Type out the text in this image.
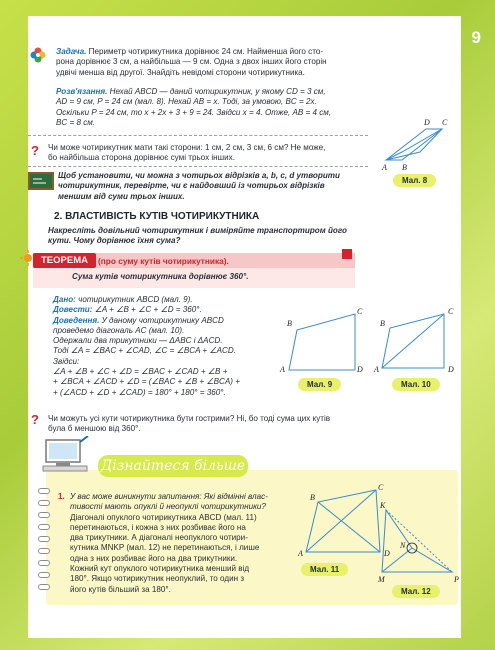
9
Задача. Периметр чотирикутника дорівнює 24 см. Найменша його сто-
рона дорівнює 3 см, а найбільша — 9 см. Одна з двох інших його сторін
удвічі менша від другої. Знайдіть невідомі сторони чотирикутника.
Розв'язання. Нехай ABCD — даний чотирикутник, у якому CD = 3 см,
AD = 9 см, P = 24 см (мал. 8). Нехай AB = x. Тоді, за умовою, BC = 2x.
Оскільки P = 24 см, то x + 2x + 3 + 9 = 24. Звідси x = 4. Отже, AB = 4 см,
BC = 8 см.
A B
C
D
Мал. 8
? Чи може чотирикутник мати такі сторони: 1 см, 2 см, 3 см, 6 см? Не може,
бо найбільша сторона дорівнює сумі трьох інших.
Щоб установити, чи можна з чотирьох відрізків a, b, c, d утворити
чотирикутник, перевірте, чи є найдовший із чотирьох відрізків
меншим від суми трьох інших.
2. ВЛАСТИВІСТЬ КУТІВ ЧОТИРИКУТНИКА
Накресліть довільний чотирикутник і виміряйте транспортиром його
кути. Чому дорівнює їхня сума?
ТЕОРЕМА	(про суму кутів чотирикутника).
Сума кутів чотирикутника дорівнює 360°.
Дано: чотирикутник ABCD (мал. 9).
Довести: ∠A + ∠B + ∠C + ∠D = 360°.
Доведення. У даному чотирикутнику ABCD
проведемо діагональ AC (мал. 10).
Одержали два трикутники — ΔABC і ΔACD.
Тоді ∠A = ∠BAC + ∠CAD, ∠C = ∠BCA + ∠ACD.
Звідси:
∠A + ∠B + ∠C + ∠D = ∠BAC + ∠CAD + ∠B +
+ ∠BCA + ∠ACD + ∠D = (∠BAC + ∠B + ∠BCA) +
+ (∠ACD + ∠D + ∠CAD) = 180° + 180° = 360°.
A
B
C
D
Мал. 9
A
B
C
D
Мал. 10
? Чи можуть усі кути чотирикутника бути гострими? Ні, бо тоді сума цих кутів
була б меншою від 360°.
Дізнайтеся більше
1. У вас може виникнути запитання: Які відмінні влас-
тивості мають опуклі й неопуклі чотирикутники?
Діагоналі опуклого чотирикутника ABCD (мал. 11)
перетинаються, і кожна з них розбиває його на
два трикутники. А діагоналі неопуклого чотири-
кутника MNKP (мал. 12) не перетинаються, і лише
одна з них розбиває його на два трикутники.
Кожний кут опуклого чотирикутника менший від
180°. Якщо чотирикутник неопуклий, то один з
його кутів більший за 180°.
A
B
C
D
Мал. 11
K
N
M	P
Мал. 12
